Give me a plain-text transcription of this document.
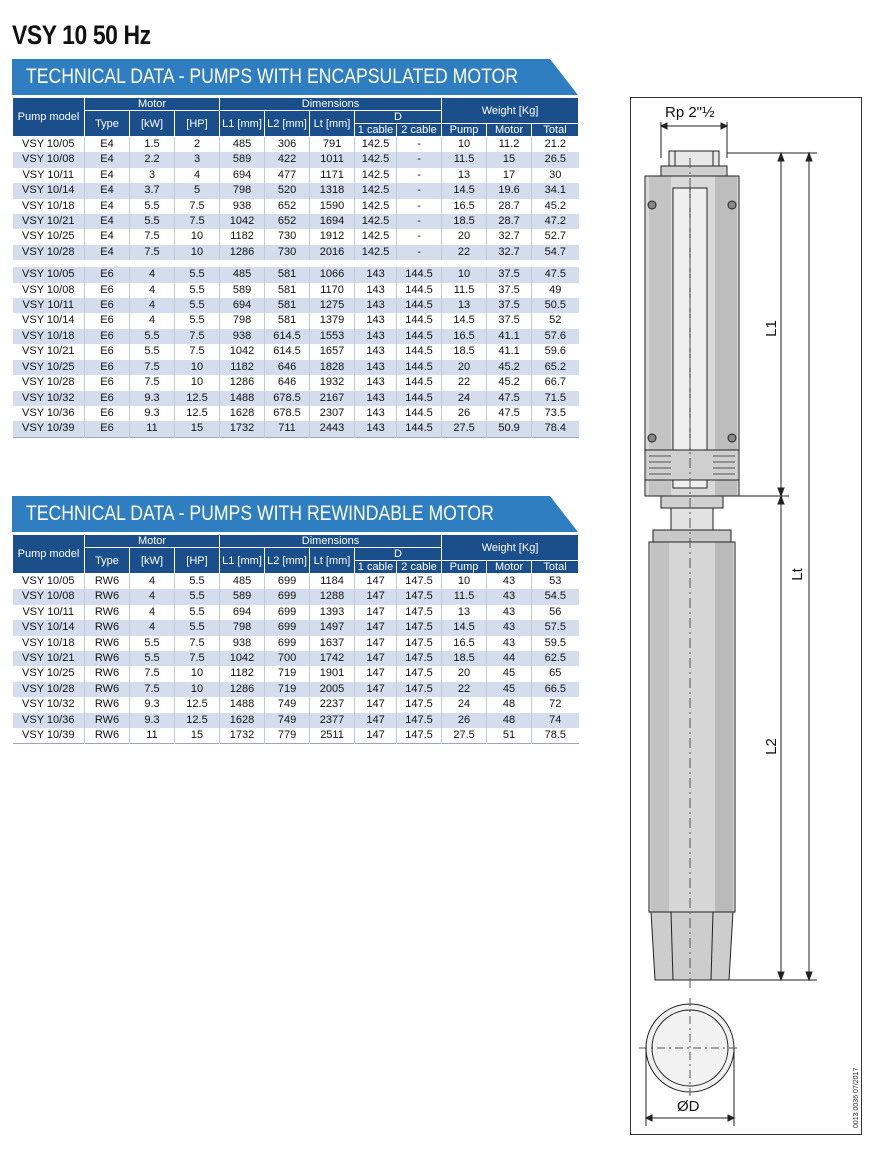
VSY 10 50 Hz
TECHNICAL DATA - PUMPS WITH ENCAPSULATED MOTOR
Pump model	Motor			Dimensions					Weight [Kg]		
	Type	[kW]	[HP]	L1 [mm]	L2 [mm]	Lt [mm]	D				
							1 cable	2 cable	Pump	Motor	Total
VSY 10/05	E4	1.5	2	485	306	791	142.5	-	10	11.2	21.2
VSY 10/08	E4	2.2	3	589	422	1011	142.5	-	11.5	15	26.5
VSY 10/11	E4	3	4	694	477	1171	142.5	-	13	17	30
VSY 10/14	E4	3.7	5	798	520	1318	142.5	-	14.5	19.6	34.1
VSY 10/18	E4	5.5	7.5	938	652	1590	142.5	-	16.5	28.7	45.2
VSY 10/21	E4	5.5	7.5	1042	652	1694	142.5	-	18.5	28.7	47.2
VSY 10/25	E4	7.5	10	1182	730	1912	142.5	-	20	32.7	52.7
VSY 10/28	E4	7.5	10	1286	730	2016	142.5	-	22	32.7	54.7

VSY 10/05	E6	4	5.5	485	581	1066	143	144.5	10	37.5	47.5
VSY 10/08	E6	4	5.5	589	581	1170	143	144.5	11.5	37.5	49
VSY 10/11	E6	4	5.5	694	581	1275	143	144.5	13	37.5	50.5
VSY 10/14	E6	4	5.5	798	581	1379	143	144.5	14.5	37.5	52
VSY 10/18	E6	5.5	7.5	938	614.5	1553	143	144.5	16.5	41.1	57.6
VSY 10/21	E6	5.5	7.5	1042	614.5	1657	143	144.5	18.5	41.1	59.6
VSY 10/25	E6	7.5	10	1182	646	1828	143	144.5	20	45.2	65.2
VSY 10/28	E6	7.5	10	1286	646	1932	143	144.5	22	45.2	66.7
VSY 10/32	E6	9.3	12.5	1488	678.5	2167	143	144.5	24	47.5	71.5
VSY 10/36	E6	9.3	12.5	1628	678.5	2307	143	144.5	26	47.5	73.5
VSY 10/39	E6	11	15	1732	711	2443	143	144.5	27.5	50.9	78.4
TECHNICAL DATA - PUMPS WITH REWINDABLE MOTOR
Pump model	Motor			Dimensions					Weight [Kg]		
	Type	[kW]	[HP]	L1 [mm]	L2 [mm]	Lt [mm]	D				
							1 cable	2 cable	Pump	Motor	Total
VSY 10/05	RW6	4	5.5	485	699	1184	147	147.5	10	43	53
VSY 10/08	RW6	4	5.5	589	699	1288	147	147.5	11.5	43	54.5
VSY 10/11	RW6	4	5.5	694	699	1393	147	147.5	13	43	56
VSY 10/14	RW6	4	5.5	798	699	1497	147	147.5	14.5	43	57.5
VSY 10/18	RW6	5.5	7.5	938	699	1637	147	147.5	16.5	43	59.5
VSY 10/21	RW6	5.5	7.5	1042	700	1742	147	147.5	18.5	44	62.5
VSY 10/25	RW6	7.5	10	1182	719	1901	147	147.5	20	45	65
VSY 10/28	RW6	7.5	10	1286	719	2005	147	147.5	22	45	66.5
VSY 10/32	RW6	9.3	12.5	1488	749	2237	147	147.5	24	48	72
VSY 10/36	RW6	9.3	12.5	1628	749	2377	147	147.5	26	48	74
VSY 10/39	RW6	11	15	1732	779	2511	147	147.5	27.5	51	78.5
Rp 2"½
L1
Lt
L2
ØD	0013 0036 07/2017
